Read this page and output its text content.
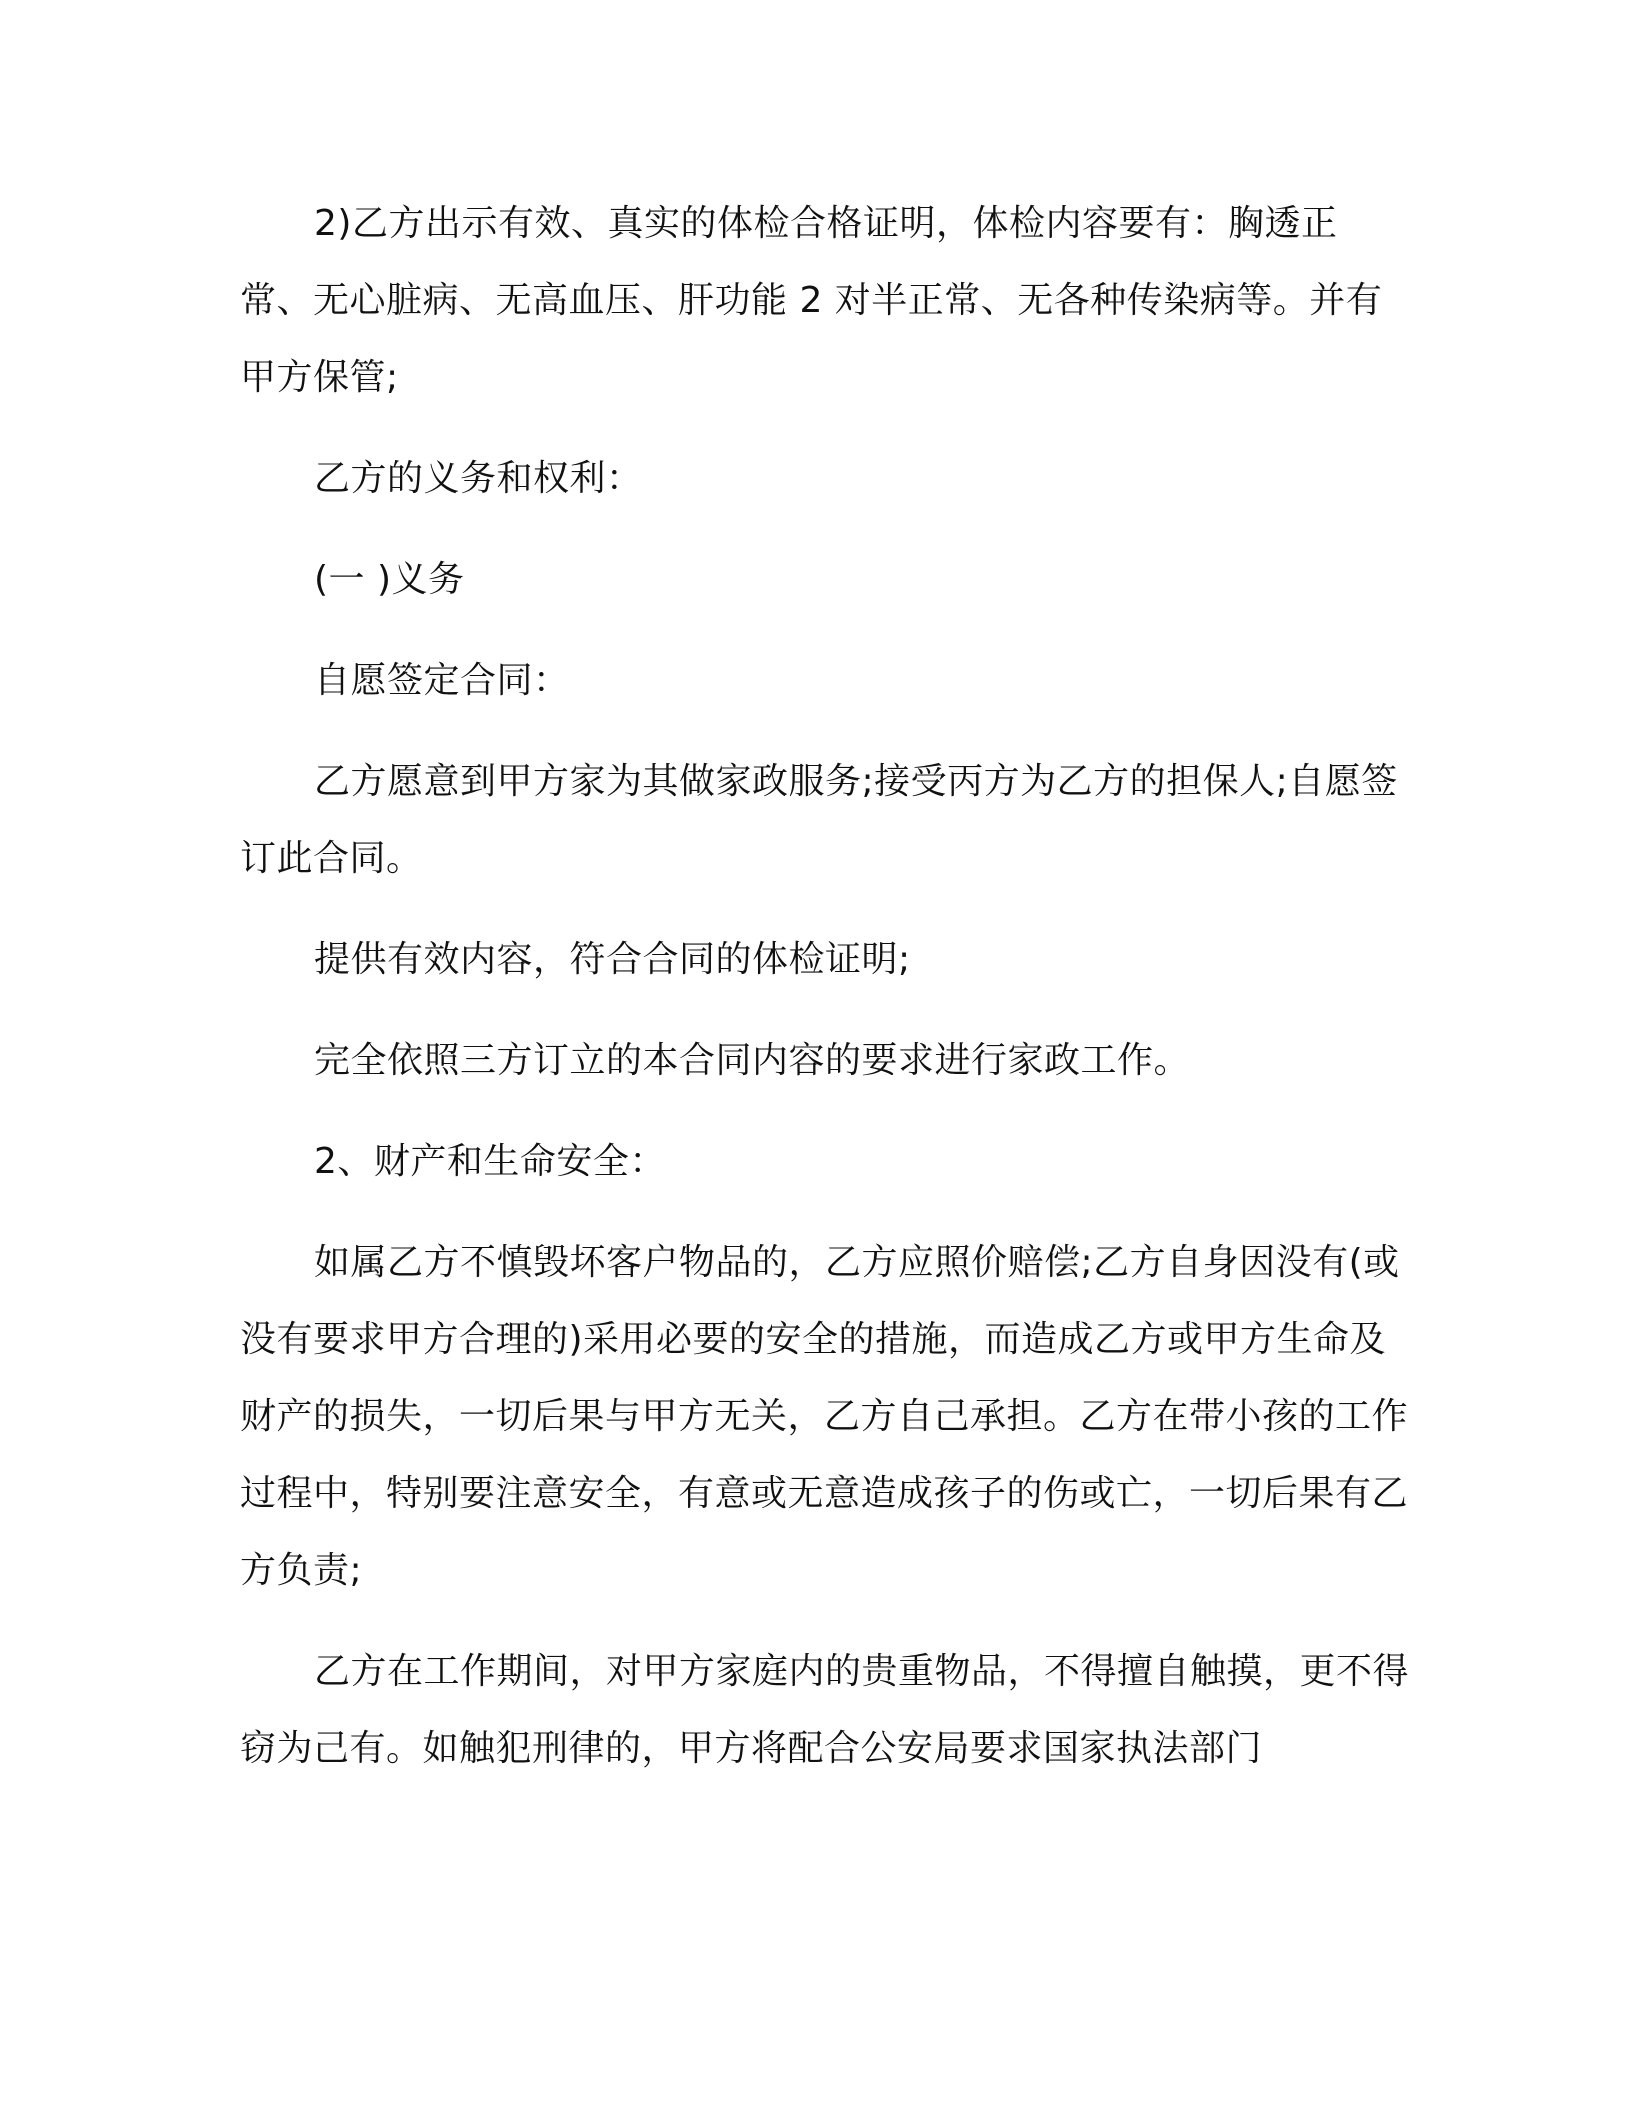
2)乙方出示有效、真实的体检合格证明，体检内容要有：胸透正常、无心脏病、无高血压、肝功能 2 对半正常、无各种传染病等。并有甲方保管;

乙方的义务和权利：

(一 )义务

自愿签定合同：

乙方愿意到甲方家为其做家政服务;接受丙方为乙方的担保人;自愿签订此合同。

提供有效内容，符合合同的体检证明;

完全依照三方订立的本合同内容的要求进行家政工作。

2、财产和生命安全：

如属乙方不慎毁坏客户物品的，乙方应照价赔偿;乙方自身因没有(或没有要求甲方合理的)采用必要的安全的措施，而造成乙方或甲方生命及财产的损失，一切后果与甲方无关，乙方自己承担。乙方在带小孩的工作过程中，特别要注意安全，有意或无意造成孩子的伤或亡，一切后果有乙方负责;

乙方在工作期间，对甲方家庭内的贵重物品，不得擅自触摸，更不得窃为己有。如触犯刑律的，甲方将配合公安局要求国家执法部门
